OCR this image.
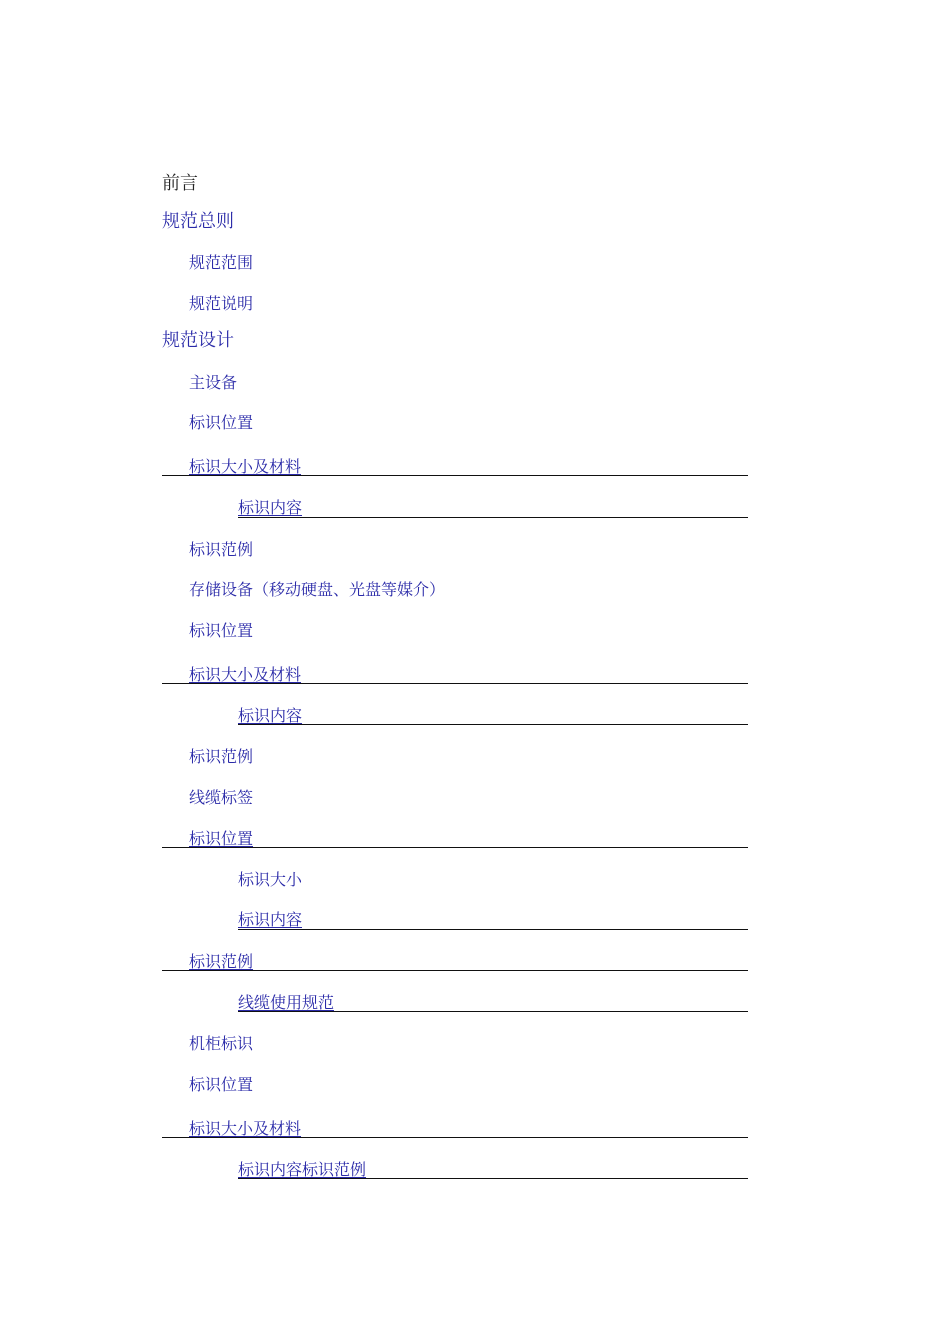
前言
规范总则
规范范围
规范说明
规范设计
主设备
标识位置
标识大小及材料
标识内容
标识范例
存储设备（移动硬盘、光盘等媒介）
标识位置
标识大小及材料
标识内容
标识范例
线缆标签
标识位置
标识大小
标识内容
标识范例
线缆使用规范
机柜标识
标识位置
标识大小及材料
标识内容标识范例
